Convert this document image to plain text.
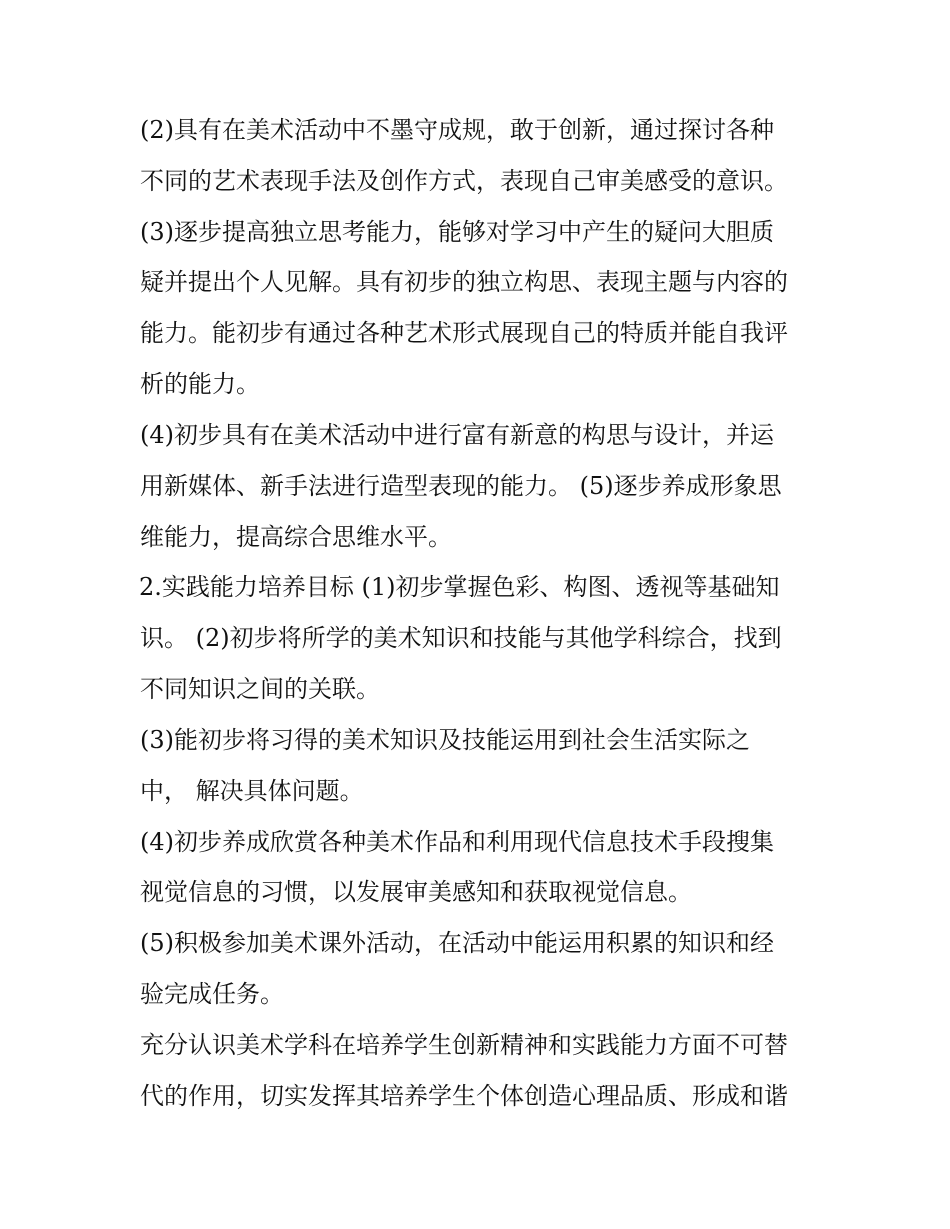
(2)具有在美术活动中不墨守成规，敢于创新，通过探讨各种

不同的艺术表现手法及创作方式，表现自己审美感受的意识。

(3)逐步提高独立思考能力，能够对学习中产生的疑问大胆质

疑并提出个人见解。具有初步的独立构思、表现主题与内容的

能力。能初步有通过各种艺术形式展现自己的特质并能自我评

析的能力。

(4)初步具有在美术活动中进行富有新意的构思与设计，并运

用新媒体、新手法进行造型表现的能力。 (5)逐步养成形象思

维能力，提高综合思维水平。

2.实践能力培养目标 (1)初步掌握色彩、构图、透视等基础知

识。 (2)初步将所学的美术知识和技能与其他学科综合，找到

不同知识之间的关联。

(3)能初步将习得的美术知识及技能运用到社会生活实际之

中， 解决具体问题。

(4)初步养成欣赏各种美术作品和利用现代信息技术手段搜集

视觉信息的习惯，以发展审美感知和获取视觉信息。

(5)积极参加美术课外活动，在活动中能运用积累的知识和经

验完成任务。

充分认识美术学科在培养学生创新精神和实践能力方面不可替

代的作用，切实发挥其培养学生个体创造心理品质、形成和谐
